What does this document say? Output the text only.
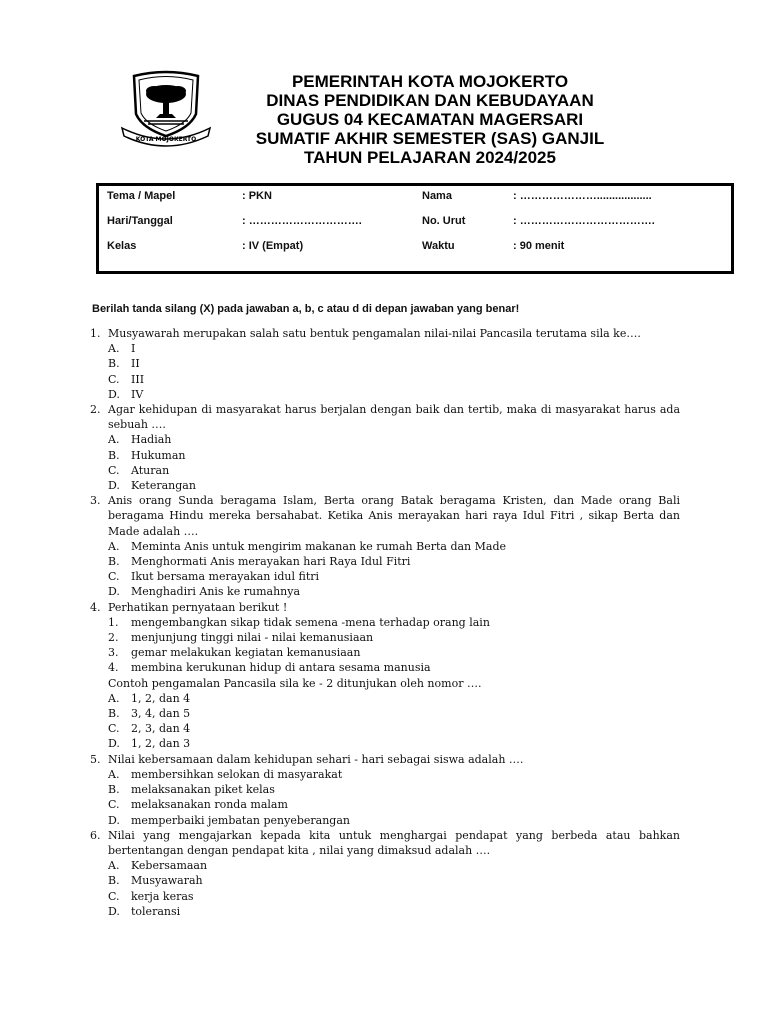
KOTA MOJOKERTO
PEMERINTAH KOTA MOJOKERTO
DINAS PENDIDIKAN DAN KEBUDAYAAN
GUGUS 04 KECAMATAN MAGERSARI
SUMATIF AKHIR SEMESTER (SAS) GANJIL
TAHUN PELAJARAN 2024/2025
Tema / Mapel	: PKN	Nama	: …………………..................
Hari/Tanggal	: ………………………….	No. Urut	: ……………………………….
Kelas	: IV (Empat)	Waktu	: 90 menit
Berilah tanda silang (X) pada jawaban a, b, c atau d di depan jawaban yang benar!
1. Musyawarah merupakan salah satu bentuk pengamalan nilai-nilai Pancasila terutama sila ke….
A. I
B. II
C. III
D. IV
2. Agar kehidupan di masyarakat harus berjalan dengan baik dan tertib, maka di masyarakat harus ada sebuah ….
A. Hadiah
B. Hukuman
C. Aturan
D. Keterangan
3. Anis orang Sunda beragama Islam, Berta orang Batak beragama Kristen, dan Made orang Bali beragama Hindu mereka bersahabat. Ketika Anis merayakan hari raya Idul Fitri , sikap Berta dan Made adalah ….
A. Meminta Anis untuk mengirim makanan ke rumah Berta dan Made
B. Menghormati Anis merayakan hari Raya Idul Fitri
C. Ikut bersama merayakan idul fitri
D. Menghadiri Anis ke rumahnya
4. Perhatikan pernyataan berikut !
1. mengembangkan sikap tidak semena -mena terhadap orang lain
2. menjunjung tinggi nilai - nilai kemanusiaan
3. gemar melakukan kegiatan kemanusiaan
4. membina kerukunan hidup di antara sesama manusia
Contoh pengamalan Pancasila sila ke - 2 ditunjukan oleh nomor ….
A. 1, 2, dan 4
B. 3, 4, dan 5
C. 2, 3, dan 4
D. 1, 2, dan 3
5. Nilai kebersamaan dalam kehidupan sehari - hari sebagai siswa adalah ….
A. membersihkan selokan di masyarakat
B. melaksanakan piket kelas
C. melaksanakan ronda malam
D. memperbaiki jembatan penyeberangan
6. Nilai yang mengajarkan kepada kita untuk menghargai pendapat yang berbeda atau bahkan bertentangan dengan pendapat kita , nilai yang dimaksud adalah ….
A. Kebersamaan
B. Musyawarah
C. kerja keras
D. toleransi
